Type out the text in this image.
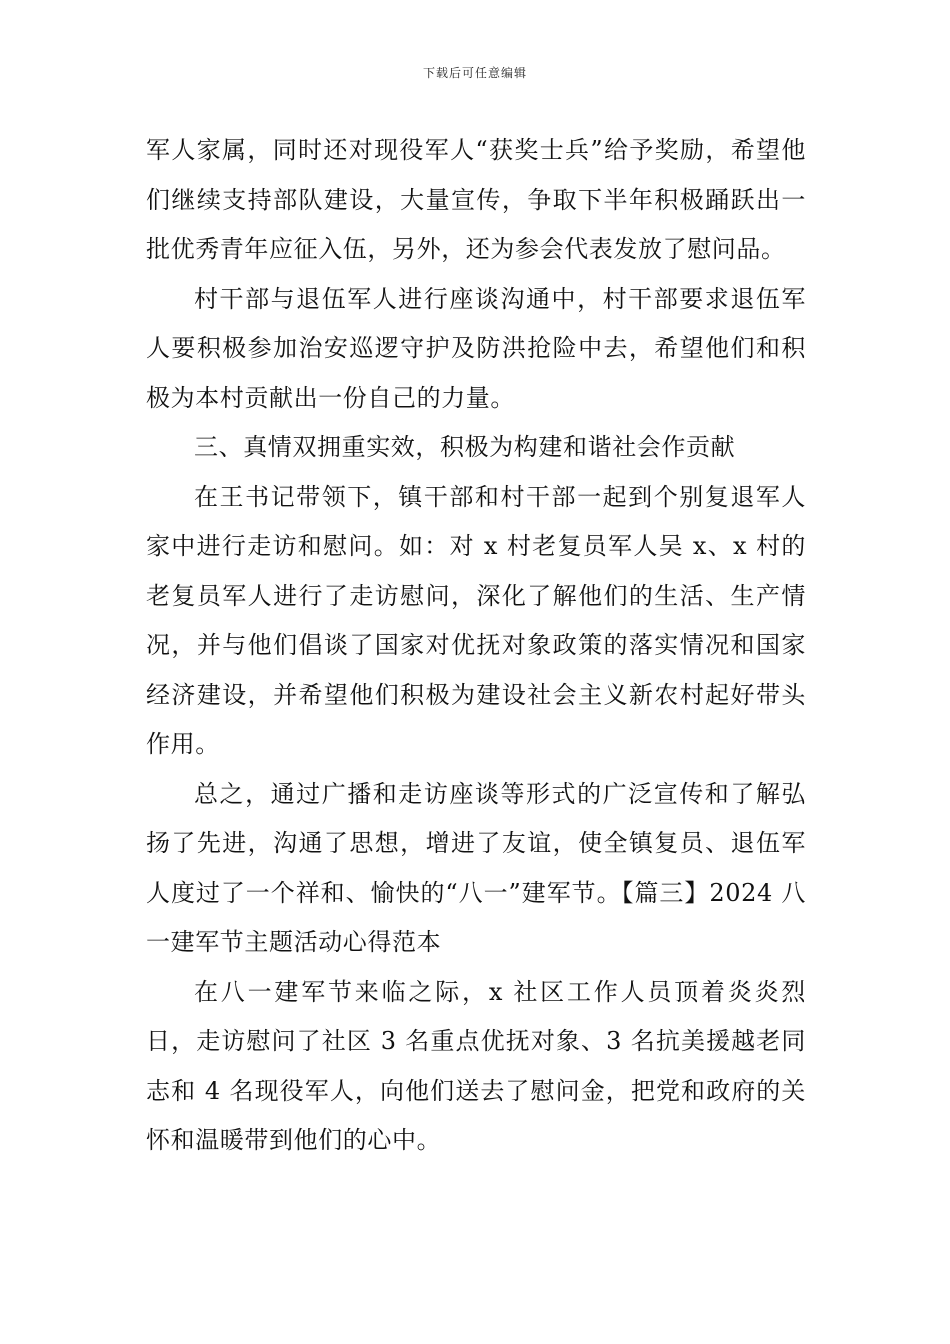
下载后可任意编辑

军人家属，同时还对现役军人“获奖士兵”给予奖励，希望他们继续支持部队建设，大量宣传，争取下半年积极踊跃出一批优秀青年应征入伍，另外，还为参会代表发放了慰问品。

村干部与退伍军人进行座谈沟通中，村干部要求退伍军人要积极参加治安巡逻守护及防洪抢险中去，希望他们和积极为本村贡献出一份自己的力量。

三、真情双拥重实效，积极为构建和谐社会作贡献

在王书记带领下，镇干部和村干部一起到个别复退军人家中进行走访和慰问。如：对 x 村老复员军人吴 x、x 村的老复员军人进行了走访慰问，深化了解他们的生活、生产情况，并与他们倡谈了国家对优抚对象政策的落实情况和国家经济建设，并希望他们积极为建设社会主义新农村起好带头作用。

总之，通过广播和走访座谈等形式的广泛宣传和了解弘扬了先进，沟通了思想，增进了友谊，使全镇复员、退伍军人度过了一个祥和、愉快的“八一”建军节。【篇三】2024 八一建军节主题活动心得范本

在八一建军节来临之际，x 社区工作人员顶着炎炎烈日，走访慰问了社区 3 名重点优抚对象、3 名抗美援越老同志和 4 名现役军人，向他们送去了慰问金，把党和政府的关怀和温暖带到他们的心中。
